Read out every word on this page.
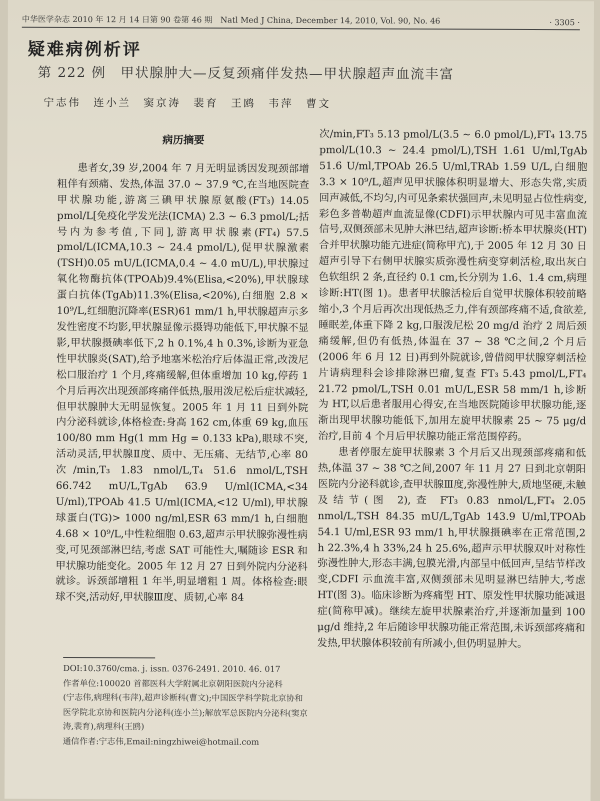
中华医学杂志 2010 年 12 月 14 日第 90 卷第 46 期　Natl Med J China, December 14, 2010, Vol. 90, No. 46	· 3305 ·
疑难病例析评
第 222 例　甲状腺肿大—反复颈痛伴发热—甲状腺超声血流丰富
宁志伟　连小兰　窦京涛　裴育　王鸥　韦萍　曹文
病历摘要

患者女,39 岁,2004 年 7 月无明显诱因发现颈部增粗伴有颈痛、发热,体温 37.0 ~ 37.9 ℃,在当地医院查甲状腺功能,游离三碘甲状腺原氨酸(FT₃) 14.05 pmol/L[免疫化学发光法(ICMA) 2.3 ~ 6.3 pmol/L;括号内为参考值,下同],游离甲状腺素(FT₄) 57.5 pmol/L(ICMA,10.3 ~ 24.4 pmol/L),促甲状腺激素(TSH)0.05 mU/L(ICMA,0.4 ~ 4.0 mU/L),甲状腺过氧化物酶抗体(TPOAb)9.4%(Elisa,<20%),甲状腺球蛋白抗体(TgAb)11.3%(Elisa,<20%),白细胞 2.8 × 10⁹/L,红细胞沉降率(ESR)61 mm/1 h,甲状腺超声示多发性密度不均影,甲状腺显像示摄锝功能低下,甲状腺不显影,甲状腺摄碘率低下,2 h 0.1%,4 h 0.3%,诊断为亚急性甲状腺炎(SAT),给予地塞米松治疗后体温正常,改泼尼松口服治疗 1 个月,疼痛缓解,但体重增加 10 kg,停药 1 个月后再次出现颈部疼痛伴低热,服用泼尼松后症状减轻,但甲状腺肿大无明显恢复。2005 年 1 月 11 日到外院内分泌科就诊,体格检查:身高 162 cm,体重 69 kg,血压 100/80 mm Hg(1 mm Hg = 0.133 kPa),眼球不突,活动灵活,甲状腺Ⅱ度、质中、无压痛、无结节,心率 80 次/min,T₃ 1.83 nmol/L,T₄ 51.6 nmol/L,TSH 66.742 mU/L,TgAb 63.9 U/ml(ICMA,<34 U/ml),TPOAb 41.5 U/ml(ICMA,<12 U/ml),甲状腺球蛋白(TG)> 1000 ng/ml,ESR 63 mm/1 h,白细胞 4.68 × 10⁹/L,中性粒细胞 0.63,超声示甲状腺弥漫性病变,可见颈部淋巴结,考虑 SAT 可能性大,嘱随诊 ESR 和甲状腺功能变化。2005 年 12 月 27 日到外院内分泌科就诊。诉颈部增粗 1 年半,明显增粗 1 周。体格检查:眼球不突,活动好,甲状腺Ⅲ度、质韧,心率 84

次/min,FT₃ 5.13 pmol/L(3.5 ~ 6.0 pmol/L),FT₄ 13.75 pmol/L(10.3 ~ 24.4 pmol/L),TSH 1.61 U/ml,TgAb 51.6 U/ml,TPOAb 26.5 U/ml,TRAb 1.59 U/L,白细胞 3.3 × 10⁹/L,超声见甲状腺体积明显增大、形态失常,实质回声减低,不均匀,内可见条索状强回声,未见明显占位性病变,彩色多普勒超声血流显像(CDFI)示甲状腺内可见丰富血流信号,双侧颈部未见肿大淋巴结,超声诊断:桥本甲状腺炎(HT)合并甲状腺功能亢进症(简称甲亢),于 2005 年 12 月 30 日超声引导下右侧甲状腺实质弥漫性病变穿刺活检,取出灰白色软组织 2 条,直径约 0.1 cm,长分别为 1.6、1.4 cm,病理诊断:HT(图 1)。患者甲状腺活检后自觉甲状腺体积较前略缩小,3 个月后再次出现低热乏力,伴有颈部疼痛不适,食欲差,睡眠差,体重下降 2 kg,口服泼尼松 20 mg/d 治疗 2 周后颈痛缓解,但仍有低热,体温在 37 ~ 38 ℃之间,2 个月后(2006 年 6 月 12 日)再到外院就诊,曾借阅甲状腺穿刺活检片请病理科会诊排除淋巴瘤,复查 FT₃ 5.43 pmol/L,FT₄ 21.72 pmol/L,TSH 0.01 mU/L,ESR 58 mm/1 h,诊断为 HT,以后患者服用心得安,在当地医院随诊甲状腺功能,逐渐出现甲状腺功能低下,加用左旋甲状腺素 25 ~ 75 μg/d 治疗,目前 4 个月后甲状腺功能正常范围停药。

患者停服左旋甲状腺素 3 个月后又出现颈部疼痛和低热,体温 37 ~ 38 ℃之间,2007 年 11 月 27 日到北京朝阳医院内分泌科就诊,查甲状腺Ⅲ度,弥漫性肿大,质地坚硬,未触及结节(图 2),查 FT₃ 0.83 nmol/L,FT₄ 2.05 nmol/L,TSH 84.35 mU/L,TgAb 143.9 U/ml,TPOAb 54.1 U/ml,ESR 93 mm/1 h,甲状腺摄碘率在正常范围,2 h 22.3%,4 h 33%,24 h 25.6%,超声示甲状腺双叶对称性弥漫性肿大,形态丰满,包膜光滑,内部呈中低回声,呈结节样改变,CDFI 示血流丰富,双侧颈部未见明显淋巴结肿大,考虑 HT(图 3)。临床诊断为疼痛型 HT、原发性甲状腺功能减退症(简称甲减)。继续左旋甲状腺素治疗,并逐渐加量到 100 μg/d 维持,2 年后随诊甲状腺功能正常范围,未诉颈部疼痛和发热,甲状腺体积较前有所减小,但仍明显肿大。

DOI:10.3760/cma. j. issn. 0376-2491. 2010. 46. 017
作者单位:100020 首都医科大学附属北京朝阳医院内分泌科
(宁志伟,病理科(韦萍),超声诊断科(曹文);中国医学科学院北京协和医学院北京协和医院内分泌科(连小兰);解放军总医院内分泌科(窦京涛,裴育),病理科(王鸥)
通信作者:宁志伟,Email:ningzhiwei@hotmail.com
